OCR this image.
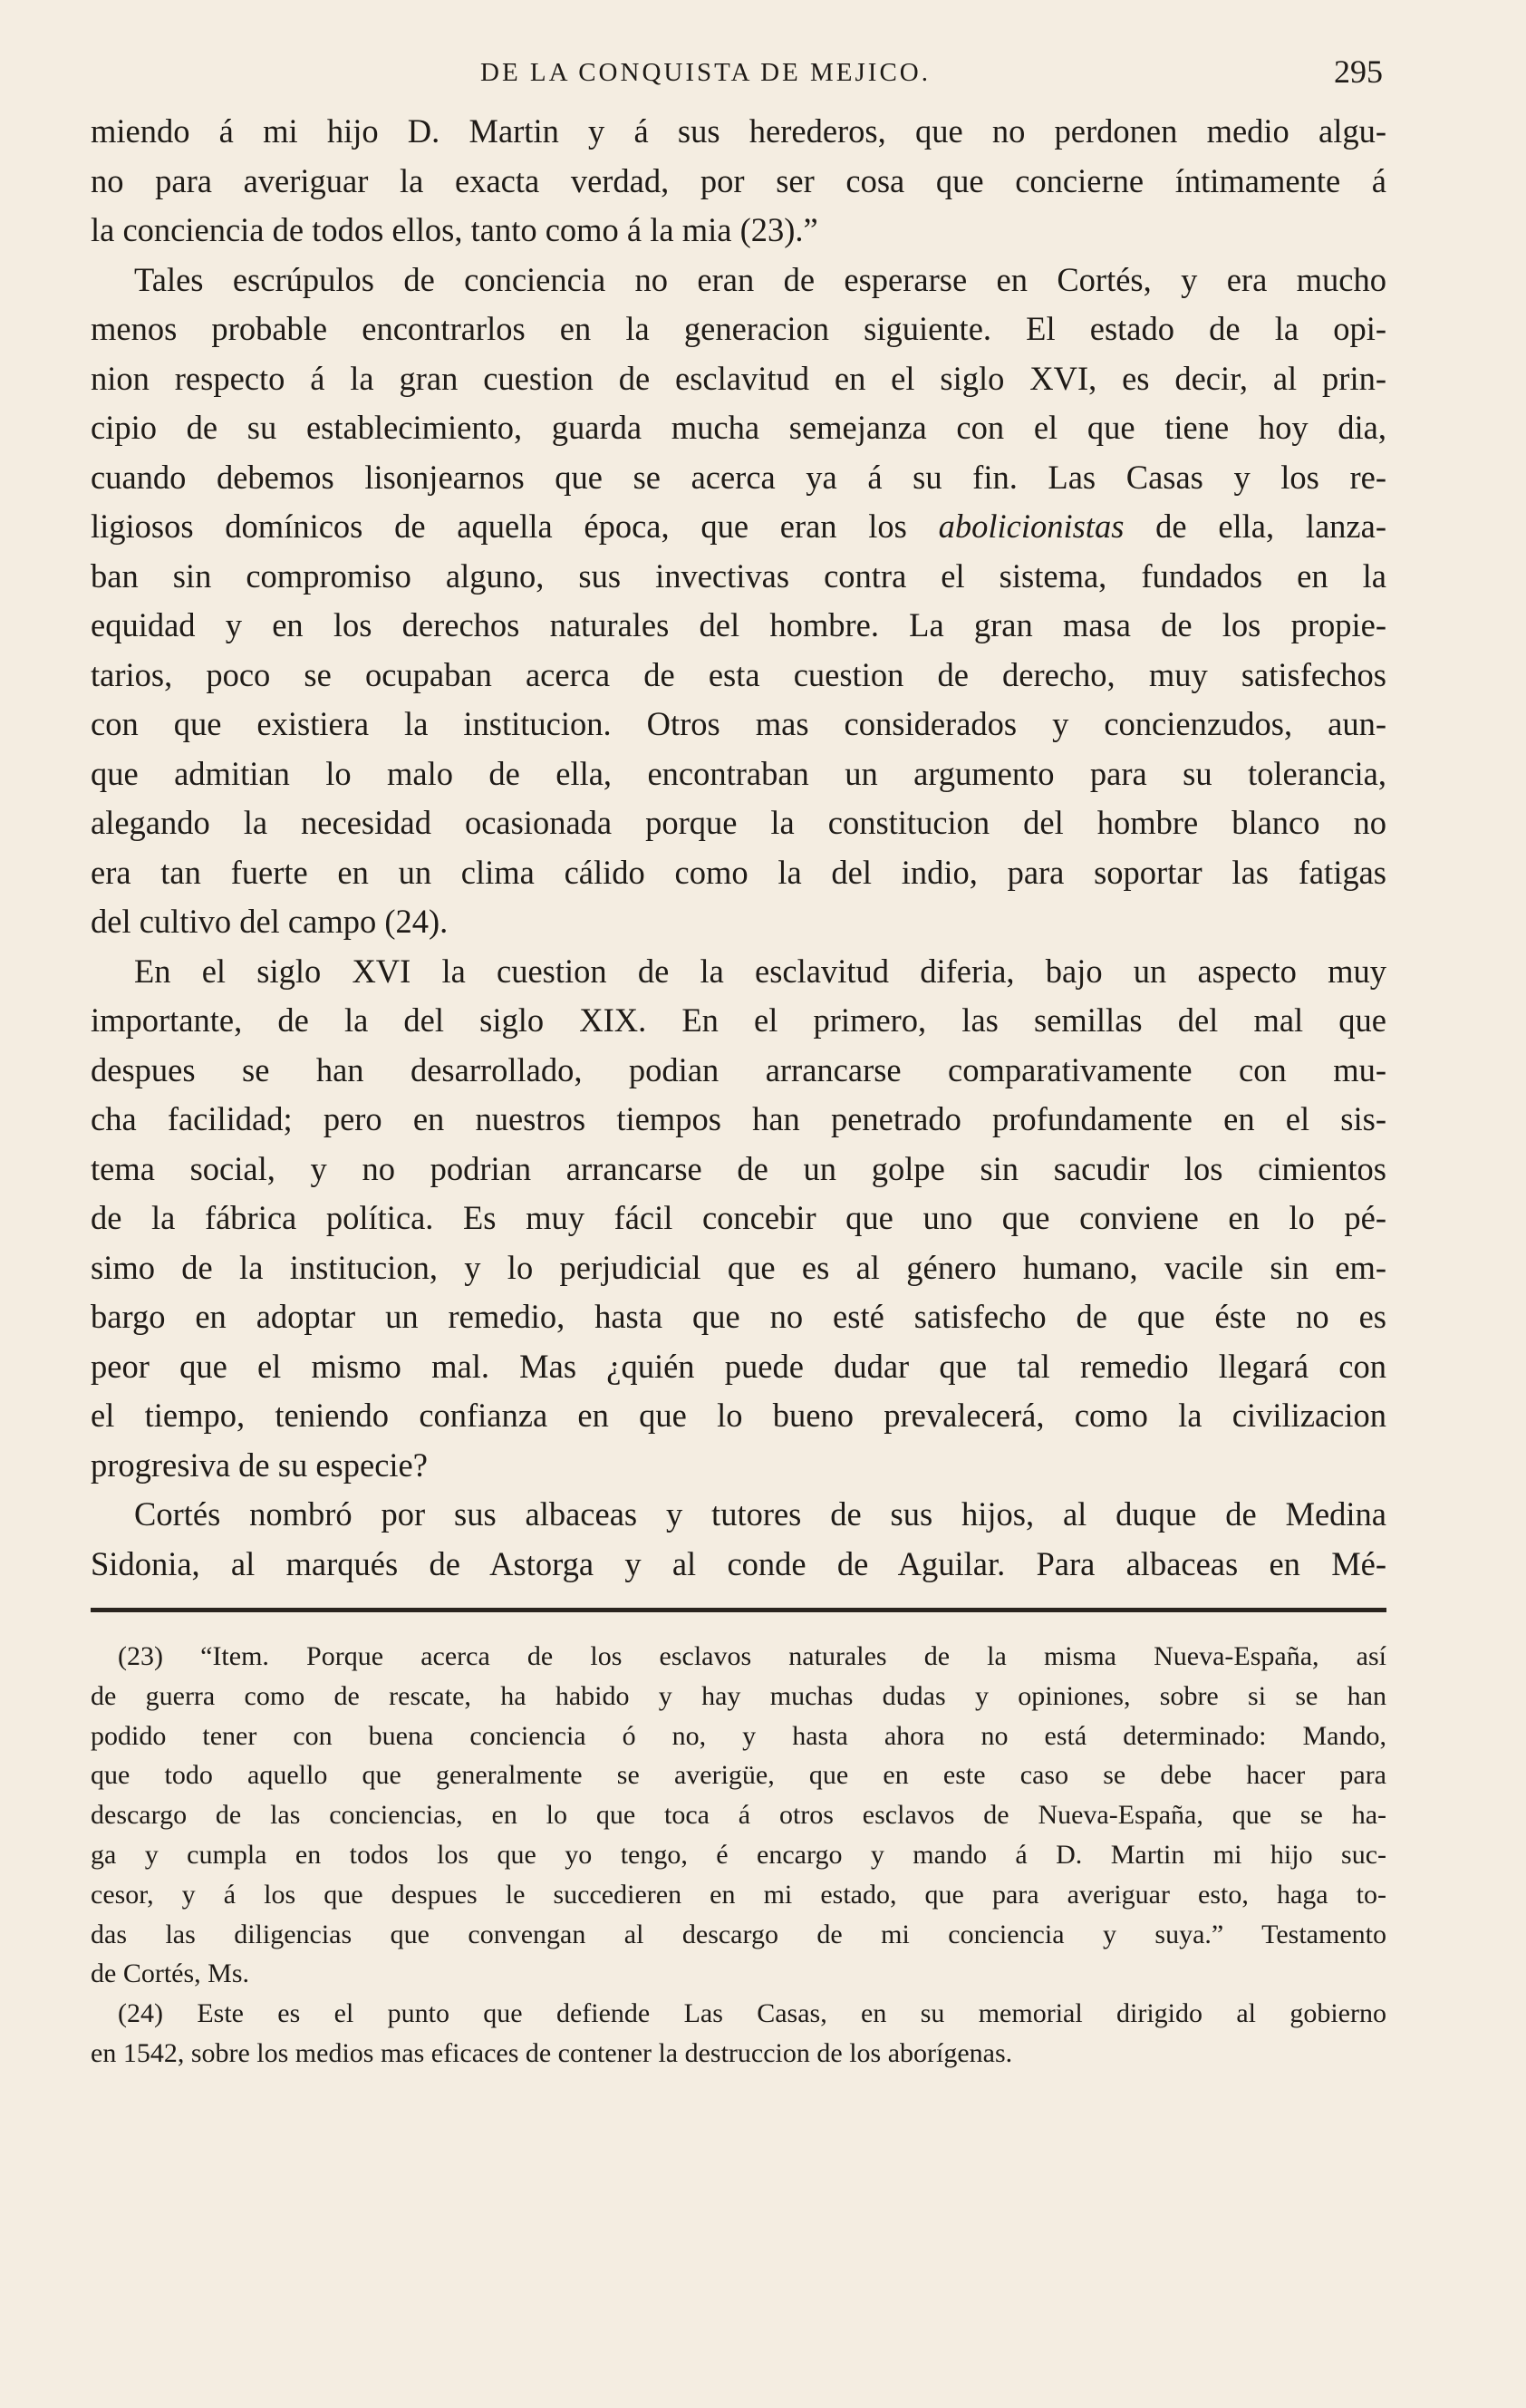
DE LA CONQUISTA DE MEJICO.	295
miendo á mi hijo D. Martin y á sus herederos, que no perdonen medio algu-
no para averiguar la exacta verdad, por ser cosa que concierne íntimamente á
la conciencia de todos ellos, tanto como á la mia (23).”
Tales escrúpulos de conciencia no eran de esperarse en Cortés, y era mucho
menos probable encontrarlos en la generacion siguiente. El estado de la opi-
nion respecto á la gran cuestion de esclavitud en el siglo XVI, es decir, al prin-
cipio de su establecimiento, guarda mucha semejanza con el que tiene hoy dia,
cuando debemos lisonjearnos que se acerca ya á su fin. Las Casas y los re-
ligiosos domínicos de aquella época, que eran los abolicionistas de ella, lanza-
ban sin compromiso alguno, sus invectivas contra el sistema, fundados en la
equidad y en los derechos naturales del hombre. La gran masa de los propie-
tarios, poco se ocupaban acerca de esta cuestion de derecho, muy satisfechos
con que existiera la institucion. Otros mas considerados y concienzudos, aun-
que admitian lo malo de ella, encontraban un argumento para su tolerancia,
alegando la necesidad ocasionada porque la constitucion del hombre blanco no
era tan fuerte en un clima cálido como la del indio, para soportar las fatigas
del cultivo del campo (24).
En el siglo XVI la cuestion de la esclavitud diferia, bajo un aspecto muy
importante, de la del siglo XIX. En el primero, las semillas del mal que
despues se han desarrollado, podian arrancarse comparativamente con mu-
cha facilidad; pero en nuestros tiempos han penetrado profundamente en el sis-
tema social, y no podrian arrancarse de un golpe sin sacudir los cimientos
de la fábrica política. Es muy fácil concebir que uno que conviene en lo pé-
simo de la institucion, y lo perjudicial que es al género humano, vacile sin em-
bargo en adoptar un remedio, hasta que no esté satisfecho de que éste no es
peor que el mismo mal. Mas ¿quién puede dudar que tal remedio llegará con
el tiempo, teniendo confianza en que lo bueno prevalecerá, como la civilizacion
progresiva de su especie?
Cortés nombró por sus albaceas y tutores de sus hijos, al duque de Medina
Sidonia, al marqués de Astorga y al conde de Aguilar. Para albaceas en Mé-
(23) “Item. Porque acerca de los esclavos naturales de la misma Nueva-España, así
de guerra como de rescate, ha habido y hay muchas dudas y opiniones, sobre si se han
podido tener con buena conciencia ó no, y hasta ahora no está determinado: Mando,
que todo aquello que generalmente se averigüe, que en este caso se debe hacer para
descargo de las conciencias, en lo que toca á otros esclavos de Nueva-España, que se ha-
ga y cumpla en todos los que yo tengo, é encargo y mando á D. Martin mi hijo suc-
cesor, y á los que despues le succedieren en mi estado, que para averiguar esto, haga to-
das las diligencias que convengan al descargo de mi conciencia y suya.” Testamento
de Cortés, Ms.
(24) Este es el punto que defiende Las Casas, en su memorial dirigido al gobierno
en 1542, sobre los medios mas eficaces de contener la destruccion de los aborígenas.
